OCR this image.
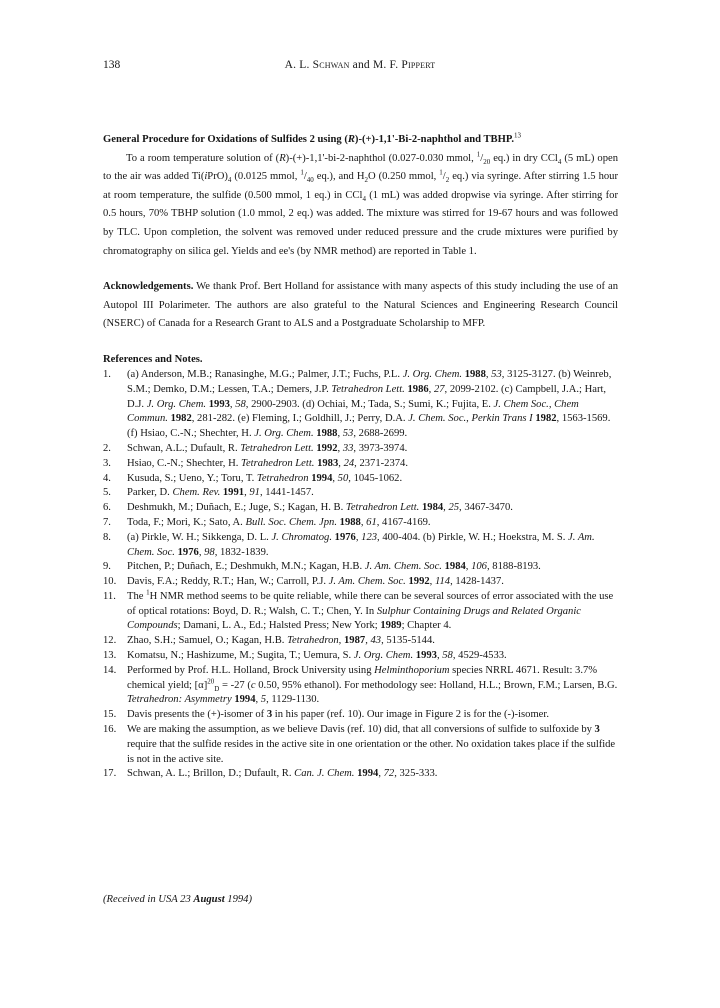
138	A. L. Schwan and M. F. Pippert

General Procedure for Oxidations of Sulfides 2 using (R)-(+)-1,1'-Bi-2-naphthol and TBHP.$^{13}$

To a room temperature solution of (R)-(+)-1,1'-bi-2-naphthol (0.027-0.030 mmol, $^1/_{20}$ eq.) in dry CCl$_4$ (5 mL) open to the air was added $Ti(iPrO)_4$ (0.0125 mmol, $^1/_{40}$ eq.), and $H_2O$ (0.250 mmol, $^1/_2$ eq.) via syringe. After stirring 1.5 hour at room temperature, the sulfide (0.500 mmol, 1 eq.) in CCl$_4$ (1 mL) was added dropwise via syringe. After stirring for 0.5 hours, 70% TBHP solution (1.0 mmol, 2 eq.) was added. The mixture was stirred for 19-67 hours and was followed by TLC. Upon completion, the solvent was removed under reduced pressure and the crude mixtures were purified by chromatography on silica gel. Yields and ee's (by NMR method) are reported in Table 1.

Acknowledgements. We thank Prof. Bert Holland for assistance with many aspects of this study including the use of an Autopol III Polarimeter. The authors are also grateful to the Natural Sciences and Engineering Research Council (NSERC) of Canada for a Research Grant to ALS and a Postgraduate Scholarship to MFP.

References and Notes.

1.	(a) Anderson, M.B.; Ranasinghe, M.G.; Palmer, J.T.; Fuchs, P.L. J. Org. Chem. 1988, 53, 3125-3127. (b) Weinreb, S.M.; Demko, D.M.; Lessen, T.A.; Demers, J.P. Tetrahedron Lett. 1986, 27, 2099-2102. (c) Campbell, J.A.; Hart, D.J. J. Org. Chem. 1993, 58, 2900-2903. (d) Ochiai, M.; Tada, S.; Sumi, K.; Fujita, E. J. Chem Soc., Chem Commun. 1982, 281-282. (e) Fleming, I.; Goldhill, J.; Perry, D.A. J. Chem. Soc., Perkin Trans I 1982, 1563-1569. (f) Hsiao, C.-N.; Shechter, H. J. Org. Chem. 1988, 53, 2688-2699.
2.	Schwan, A.L.; Dufault, R. Tetrahedron Lett. 1992, 33, 3973-3974.
3.	Hsiao, C.-N.; Shechter, H. Tetrahedron Lett. 1983, 24, 2371-2374.
4.	Kusuda, S.; Ueno, Y.; Toru, T. Tetrahedron 1994, 50, 1045-1062.
5.	Parker, D. Chem. Rev. 1991, 91, 1441-1457.
6.	Deshmukh, M.; Duñach, E.; Juge, S.; Kagan, H. B. Tetrahedron Lett. 1984, 25, 3467-3470.
7.	Toda, F.; Mori, K.; Sato, A. Bull. Soc. Chem. Jpn. 1988, 61, 4167-4169.
8.	(a) Pirkle, W. H.; Sikkenga, D. L. J. Chromatog. 1976, 123, 400-404. (b) Pirkle, W. H.; Hoekstra, M. S. J. Am. Chem. Soc. 1976, 98, 1832-1839.
9.	Pitchen, P.; Duñach, E.; Deshmukh, M.N.; Kagan, H.B. J. Am. Chem. Soc. 1984, 106, 8188-8193.
10.	Davis, F.A.; Reddy, R.T.; Han, W.; Carroll, P.J. J. Am. Chem. Soc. 1992, 114, 1428-1437.
11.	The $^1$H NMR method seems to be quite reliable, while there can be several sources of error associated with the use of optical rotations: Boyd, D. R.; Walsh, C. T.; Chen, Y. In Sulphur Containing Drugs and Related Organic Compounds; Damani, L. A., Ed.; Halsted Press; New York; 1989; Chapter 4.
12.	Zhao, S.H.; Samuel, O.; Kagan, H.B. Tetrahedron, 1987, 43, 5135-5144.
13.	Komatsu, N.; Hashizume, M.; Sugita, T.; Uemura, S. J. Org. Chem. 1993, 58, 4529-4533.
14.	Performed by Prof. H.L. Holland, Brock University using Helminthoporium species NRRL 4671. Result: 3.7% chemical yield; $[\alpha]^{20}_D = -27$ (c 0.50, 95% ethanol). For methodology see: Holland, H.L.; Brown, F.M.; Larsen, B.G. Tetrahedron: Asymmetry 1994, 5, 1129-1130.
15.	Davis presents the (+)-isomer of 3 in his paper (ref. 10). Our image in Figure 2 is for the (-)-isomer.
16.	We are making the assumption, as we believe Davis (ref. 10) did, that all conversions of sulfide to sulfoxide by 3 require that the sulfide resides in the active site in one orientation or the other. No oxidation takes place if the sulfide is not in the active site.
17.	Schwan, A. L.; Brillon, D.; Dufault, R. Can. J. Chem. 1994, 72, 325-333.
(Received in USA 23 August 1994)
